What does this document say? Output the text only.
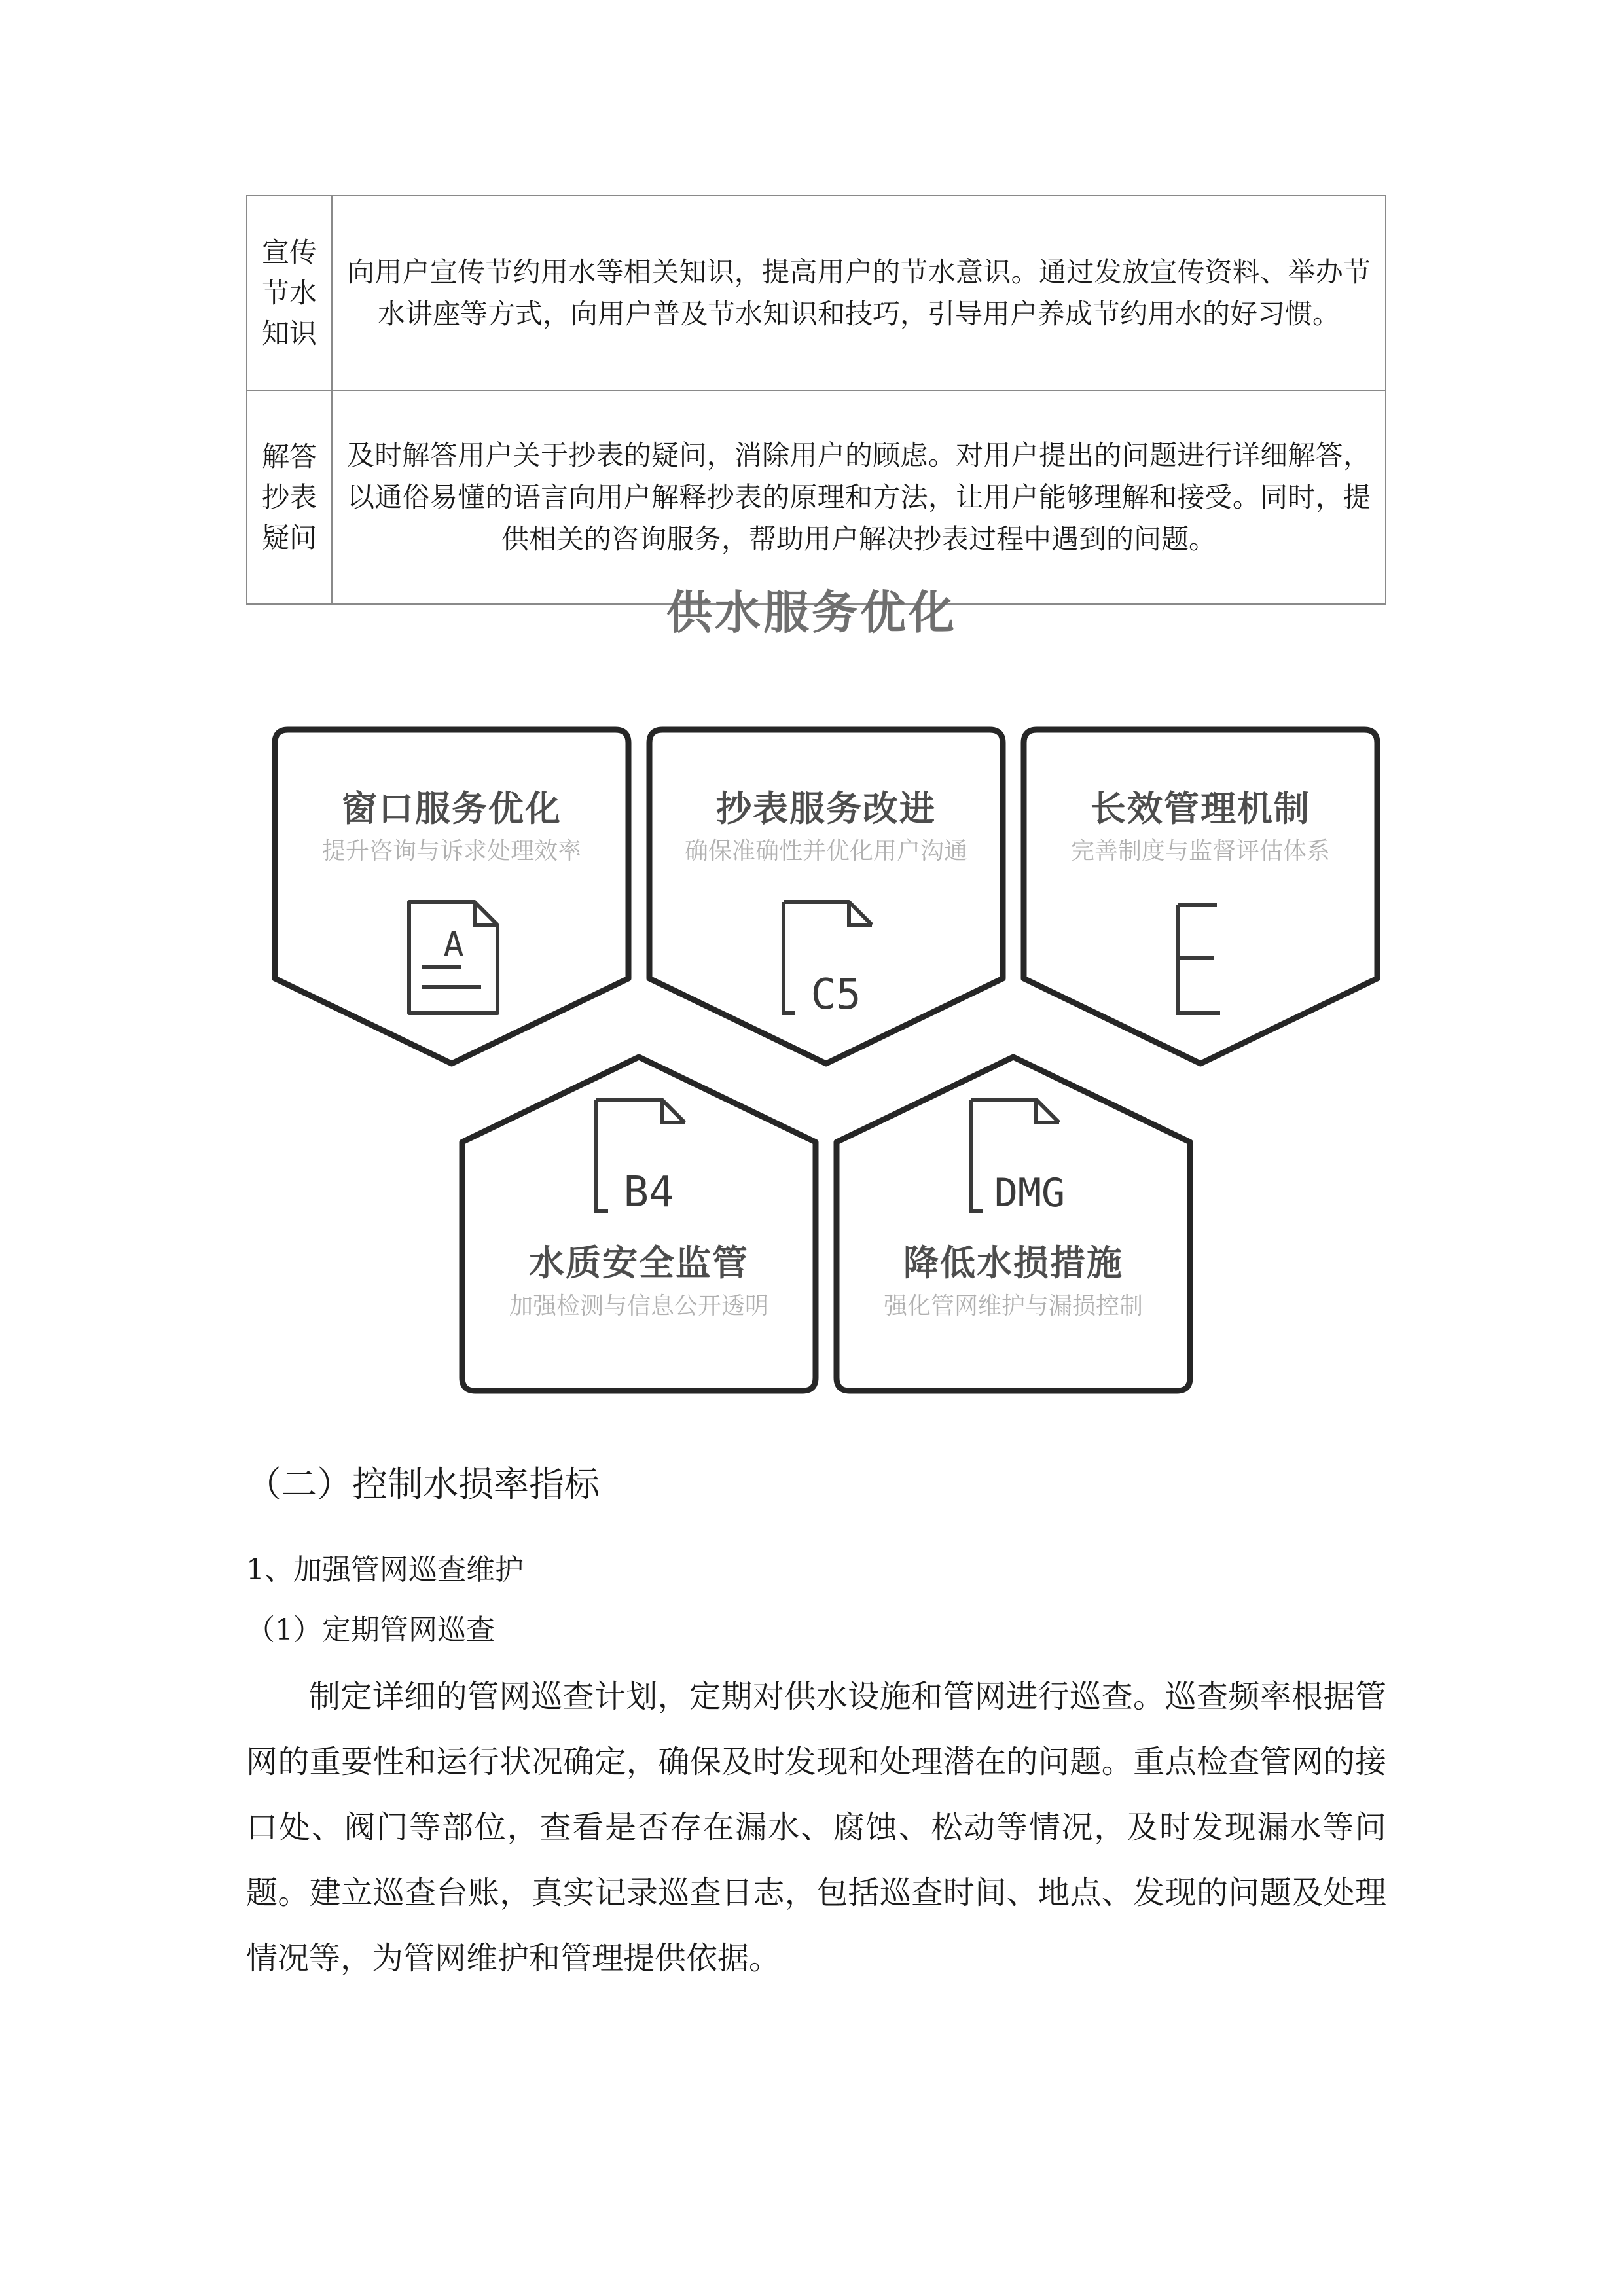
宣传
节水
知识	向用户宣传节约用水等相关知识，提高用户的节水意识。通过发放宣传资料、举办节水讲座等方式，向用户普及节水知识和技巧，引导用户养成节约用水的好习惯。

解答
抄表
疑问	及时解答用户关于抄表的疑问，消除用户的顾虑。对用户提出的问题进行详细解答，以通俗易懂的语言向用户解释抄表的原理和方法，让用户能够理解和接受。同时，提供相关的咨询服务，帮助用户解决抄表过程中遇到的问题。
供水服务优化
窗口服务优化
提升咨询与诉求处理效率
A
抄表服务改进
确保准确性并优化用户沟通
C5
长效管理机制
完善制度与监督评估体系
E
B4
水质安全监管
加强检测与信息公开透明
DMG
降低水损措施
强化管网维护与漏损控制
（二）控制水损率指标
1、加强管网巡查维护
（1）定期管网巡查

制定详细的管网巡查计划，定期对供水设施和管网进行巡查。巡查频率根据管网的重要性和运行状况确定，确保及时发现和处理潜在的问题。重点检查管网的接口处、阀门等部位，查看是否存在漏水、腐蚀、松动等情况，及时发现漏水等问题。建立巡查台账，真实记录巡查日志，包括巡查时间、地点、发现的问题及处理情况等，为管网维护和管理提供依据。
